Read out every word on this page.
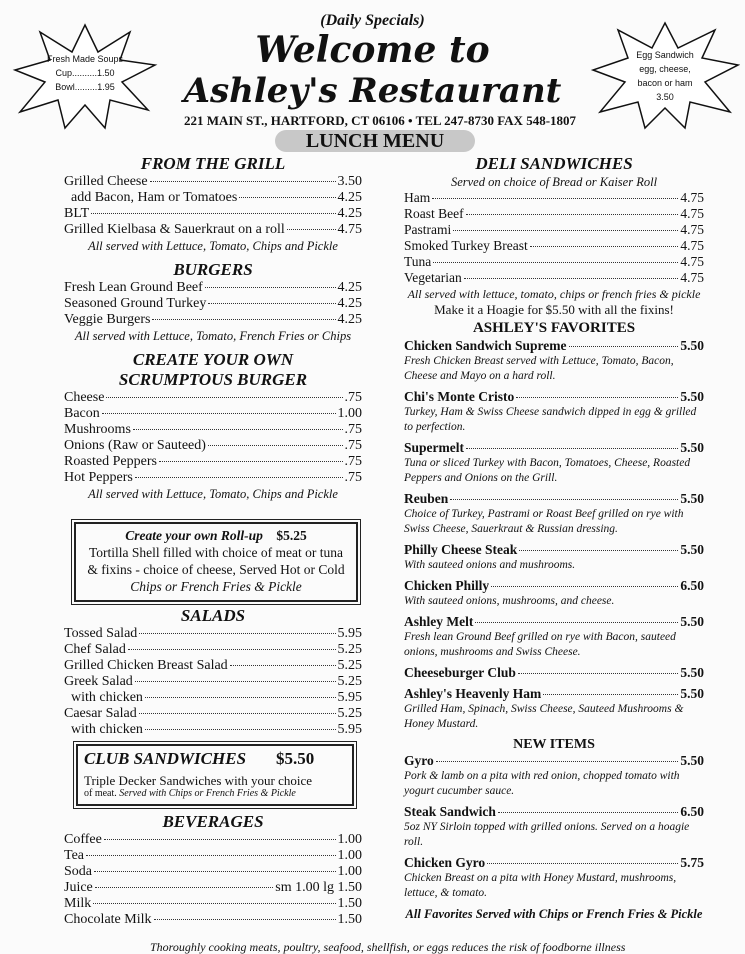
(Daily Specials)
Welcome to
Ashley's Restaurant
221 MAIN ST., HARTFORD, CT 06106 • TEL 247-8730 FAX 548-1807
LUNCH MENU
Fresh Made Soups
Cup..........1.50
Bowl.........1.95
Egg Sandwich
egg, cheese,
bacon or ham
3.50
FROM THE GRILL
Grilled Cheese	3.50
add Bacon, Ham or Tomatoes	4.25
BLT	4.25
Grilled Kielbasa & Sauerkraut on a roll	4.75
All served with Lettuce, Tomato, Chips and Pickle
BURGERS
Fresh Lean Ground Beef	4.25
Seasoned Ground Turkey	4.25
Veggie Burgers	4.25
All served with Lettuce, Tomato, French Fries or Chips
CREATE YOUR OWN
SCRUMPTOUS BURGER
Cheese	.75
Bacon	1.00
Mushrooms	.75
Onions (Raw or Sauteed)	.75
Roasted Peppers	.75
Hot Peppers	.75
All served with Lettuce, Tomato, Chips and Pickle
Create your own Roll-up $5.25
Tortilla Shell filled with choice of meat or tuna
& fixins - choice of cheese, Served Hot or Cold
Chips or French Fries & Pickle
SALADS
Tossed Salad	5.95
Chef Salad	5.25
Grilled Chicken Breast Salad	5.25
Greek Salad	5.25
with chicken	5.95
Caesar Salad	5.25
with chicken	5.95
CLUB SANDWICHES $5.50
Triple Decker Sandwiches with your choice
of meat. Served with Chips or French Fries & Pickle
BEVERAGES
Coffee	1.00
Tea	1.00
Soda	1.00
Juice	sm 1.00 lg 1.50
Milk	1.50
Chocolate Milk	1.50
DELI SANDWICHES
Served on choice of Bread or Kaiser Roll
Ham	4.75
Roast Beef	4.75
Pastrami	4.75
Smoked Turkey Breast	4.75
Tuna	4.75
Vegetarian	4.75
All served with lettuce, tomato, chips or french fries & pickle
Make it a Hoagie for $5.50 with all the fixins!
ASHLEY'S FAVORITES
Chicken Sandwich Supreme	5.50
Fresh Chicken Breast served with Lettuce, Tomato, Bacon, Cheese and Mayo on a hard roll.
Chi's Monte Cristo	5.50
Turkey, Ham & Swiss Cheese sandwich dipped in egg & grilled to perfection.
Supermelt	5.50
Tuna or sliced Turkey with Bacon, Tomatoes, Cheese, Roasted Peppers and Onions on the Grill.
Reuben	5.50
Choice of Turkey, Pastrami or Roast Beef grilled on rye with Swiss Cheese, Sauerkraut & Russian dressing.
Philly Cheese Steak	5.50
With sauteed onions and mushrooms.
Chicken Philly	6.50
With sauteed onions, mushrooms, and cheese.
Ashley Melt	5.50
Fresh lean Ground Beef grilled on rye with Bacon, sauteed onions, mushrooms and Swiss Cheese.
Cheeseburger Club	5.50
Ashley's Heavenly Ham	5.50
Grilled Ham, Spinach, Swiss Cheese, Sauteed Mushrooms & Honey Mustard.
NEW ITEMS
Gyro	5.50
Pork & lamb on a pita with red onion, chopped tomato with yogurt cucumber sauce.
Steak Sandwich	6.50
5oz NY Sirloin topped with grilled onions. Served on a hoagie roll.
Chicken Gyro	5.75
Chicken Breast on a pita with Honey Mustard, mushrooms, lettuce, & tomato.
All Favorites Served with Chips or French Fries & Pickle
Thoroughly cooking meats, poultry, seafood, shellfish, or eggs reduces the risk of foodborne illness
